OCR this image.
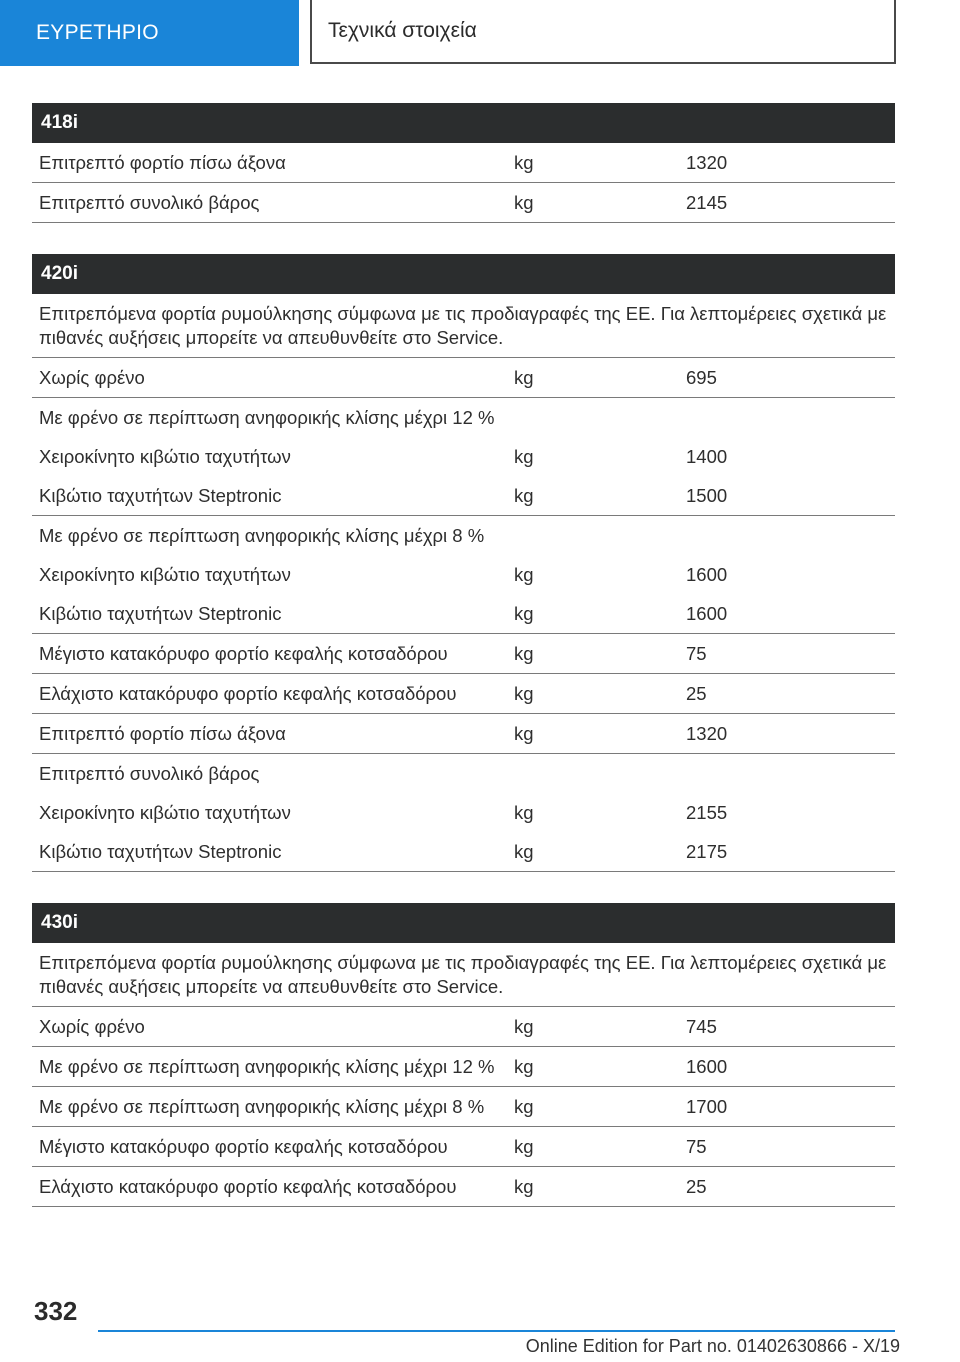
ΕΥΡΕΤΗΡΙΟ	Τεχνικά στοιχεία
418i
Επιτρεπτό φορτίο πίσω άξονα	kg	1320
Επιτρεπτό συνολικό βάρος	kg	2145
420i
Επιτρεπόμενα φορτία ρυμούλκησης σύμφωνα με τις προδιαγραφές της ΕΕ. Για λεπτομέρειες σχετικά με πιθανές αυξήσεις μπορείτε να απευθυνθείτε στο Service.
Χωρίς φρένο	kg	695
Με φρένο σε περίπτωση ανηφορικής κλίσης μέχρι 12 %
Χειροκίνητο κιβώτιο ταχυτήτων	kg	1400
Κιβώτιο ταχυτήτων Steptronic	kg	1500
Με φρένο σε περίπτωση ανηφορικής κλίσης μέχρι 8 %
Χειροκίνητο κιβώτιο ταχυτήτων	kg	1600
Κιβώτιο ταχυτήτων Steptronic	kg	1600
Μέγιστο κατακόρυφο φορτίο κεφαλής κοτσαδόρου	kg	75
Ελάχιστο κατακόρυφο φορτίο κεφαλής κοτσαδόρου	kg	25
Επιτρεπτό φορτίο πίσω άξονα	kg	1320
Επιτρεπτό συνολικό βάρος
Χειροκίνητο κιβώτιο ταχυτήτων	kg	2155
Κιβώτιο ταχυτήτων Steptronic	kg	2175
430i
Επιτρεπόμενα φορτία ρυμούλκησης σύμφωνα με τις προδιαγραφές της ΕΕ. Για λεπτομέρειες σχετικά με πιθανές αυξήσεις μπορείτε να απευθυνθείτε στο Service.
Χωρίς φρένο	kg	745
Με φρένο σε περίπτωση ανηφορικής κλίσης μέχρι 12 %	kg	1600
Με φρένο σε περίπτωση ανηφορικής κλίσης μέχρι 8 %	kg	1700
Μέγιστο κατακόρυφο φορτίο κεφαλής κοτσαδόρου	kg	75
Ελάχιστο κατακόρυφο φορτίο κεφαλής κοτσαδόρου	kg	25
332
Online Edition for Part no. 01402630866 - X/19
